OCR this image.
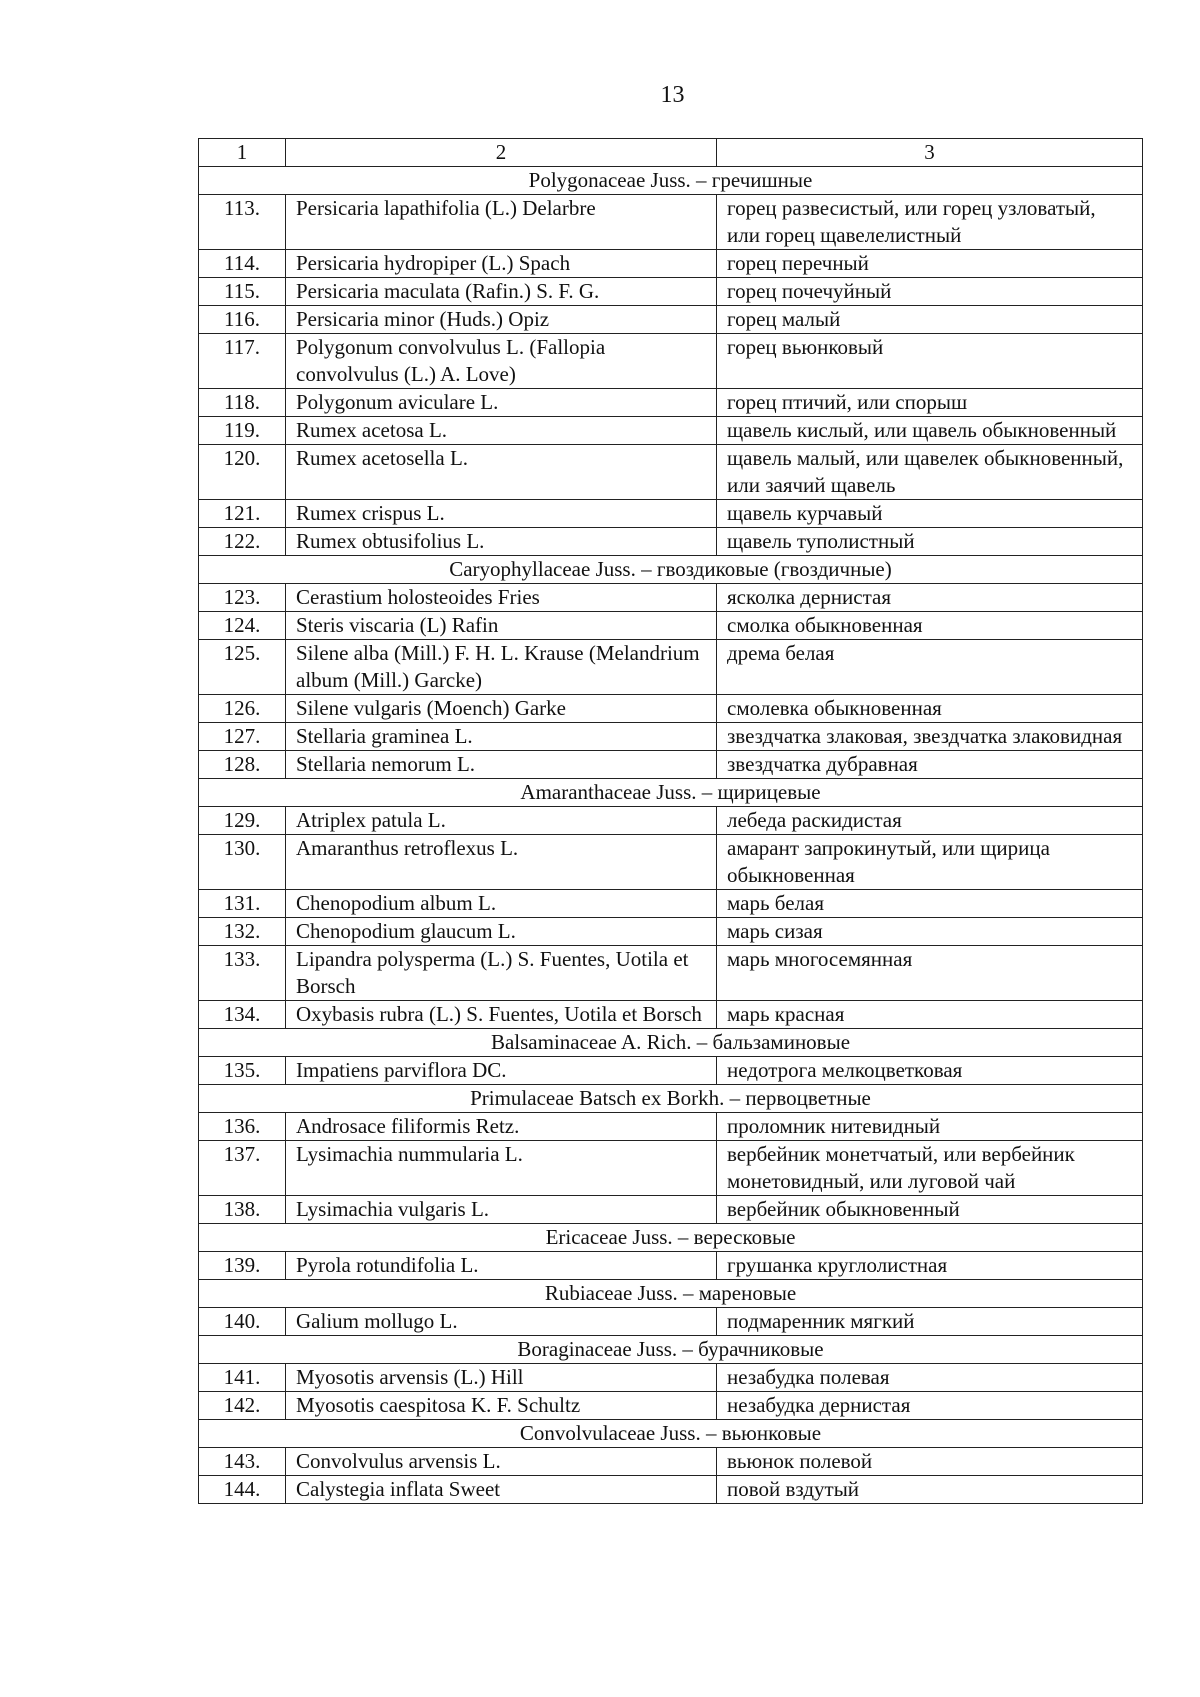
13
1	2	3
Polygonaceae Juss. – гречишные		
113.	Persicaria lapathifolia (L.) Delarbre	горец развесистый, или горец узловатый, или горец щавелелистный
114.	Persicaria hydropiper (L.) Spach	горец перечный
115.	Persicaria maculata (Rafin.) S. F. G.	горец почечуйный
116.	Persicaria minor (Huds.) Opiz	горец малый
117.	Polygonum convolvulus L. (Fallopia convolvulus (L.) A. Love)	горец вьюнковый
118.	Polygonum aviculare L.	горец птичий, или спорыш
119.	Rumex acetosa L.	щавель кислый, или щавель обыкновенный
120.	Rumex acetosella L.	щавель малый, или щавелек обыкновенный, или заячий щавель
121.	Rumex crispus L.	щавель курчавый
122.	Rumex obtusifolius L.	щавель туполистный
Caryophyllaceae Juss. – гвоздиковые (гвоздичные)		
123.	Cerastium holosteoides Fries	ясколка дернистая
124.	Steris viscaria (L) Rafin	смолка обыкновенная
125.	Silene alba (Mill.) F. H. L. Krause (Melandrium album (Mill.) Garcke)	дрема белая
126.	Silene vulgaris (Moench) Garke	смолевка обыкновенная
127.	Stellaria graminea L.	звездчатка злаковая, звездчатка злаковидная
128.	Stellaria nemorum L.	звездчатка дубравная
Amaranthaceae Juss. – щирицевые		
129.	Atriplex patula L.	лебеда раскидистая
130.	Amaranthus retroflexus L.	амарант запрокинутый, или щирица обыкновенная
131.	Chenopodium album L.	марь белая
132.	Chenopodium glaucum L.	марь сизая
133.	Lipandra polysperma (L.) S. Fuentes, Uotila et Borsch	марь многосемянная
134.	Oxybasis rubra (L.) S. Fuentes, Uotila et Borsch	марь красная
Balsaminaceae A. Rich. – бальзаминовые		
135.	Impatiens parviflora DC.	недотрога мелкоцветковая
Primulaceae Batsch ex Borkh. – первоцветные		
136.	Androsace filiformis Retz.	проломник нитевидный
137.	Lysimachia nummularia L.	вербейник монетчатый, или вербейник монетовидный, или луговой чай
138.	Lysimachia vulgaris L.	вербейник обыкновенный
Ericaceae Juss. – вересковые		
139.	Pyrola rotundifolia L.	грушанка круглолистная
Rubiaceae Juss. – мареновые		
140.	Galium mollugo L.	подмаренник мягкий
Boraginaceae Juss. – бурачниковые		
141.	Myosotis arvensis (L.) Hill	незабудка полевая
142.	Myosotis caespitosa K. F. Schultz	незабудка дернистая
Convolvulaceae Juss. – вьюнковые		
143.	Convolvulus arvensis L.	вьюнок полевой
144.	Calystegia inflata Sweet	повой вздутый
